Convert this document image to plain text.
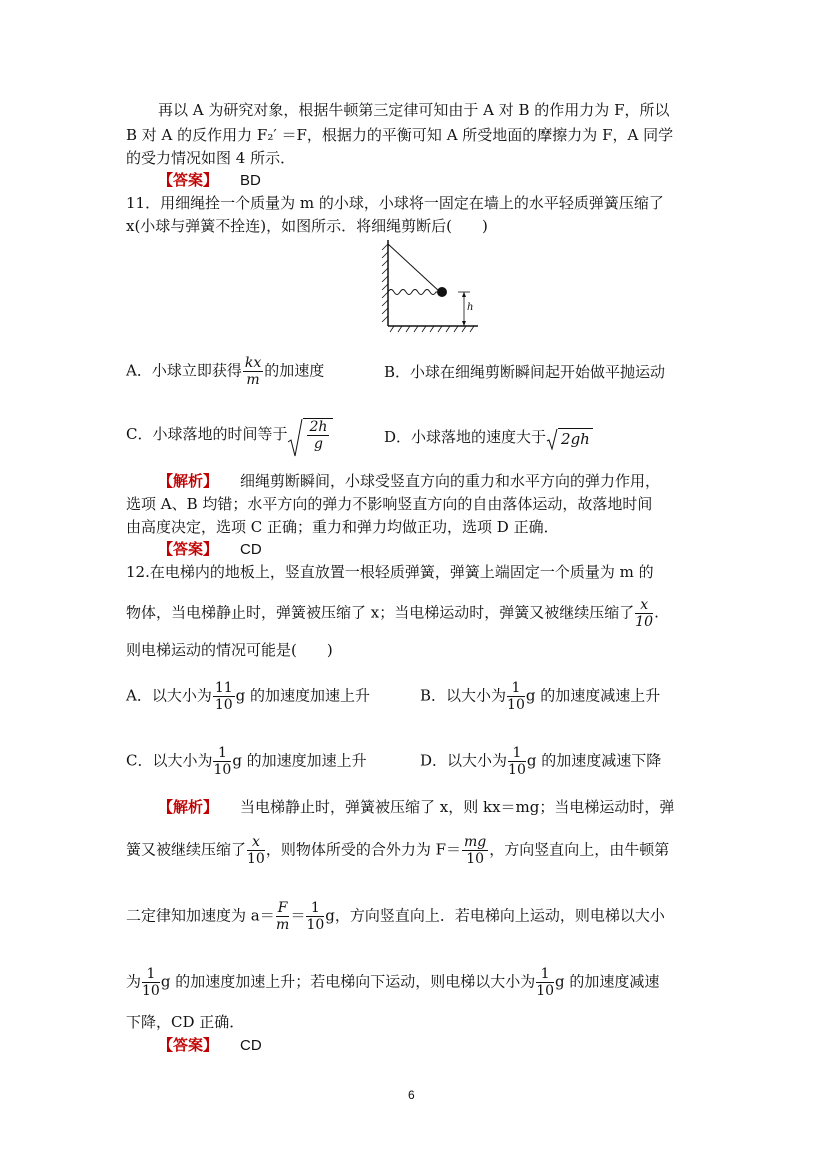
再以 A 为研究对象，根据牛顿第三定律可知由于 A 对 B 的作用力为 F，所以
B 对 A 的反作用力 F₂′ ＝F，根据力的平衡可知 A 所受地面的摩擦力为 F，A 同学
的受力情况如图 4 所示．
【答案】 BD
11．用细绳拴一个质量为 m 的小球，小球将一固定在墙上的水平轻质弹簧压缩了
x(小球与弹簧不拴连)，如图所示．将细绳剪断后(　　)
h
A．小球立即获得 $\frac{kx}{m}$ 的加速度	B．小球在细绳剪断瞬间起开始做平抛运动
C．小球落地的时间等于 $\frac{2h}{g}$	D．小球落地的速度大于 2gh
【解析】 细绳剪断瞬间，小球受竖直方向的重力和水平方向的弹力作用，
选项 A、B 均错；水平方向的弹力不影响竖直方向的自由落体运动，故落地时间
由高度决定，选项 C 正确；重力和弹力均做正功，选项 D 正确．
【答案】 CD
12.在电梯内的地板上，竖直放置一根轻质弹簧，弹簧上端固定一个质量为 m 的
物体，当电梯静止时，弹簧被压缩了 x；当电梯运动时，弹簧又被继续压缩了 $\frac{x}{10}$ .
则电梯运动的情况可能是(　　)
A．以大小为 $\frac{11}{10}$ g 的加速度加速上升	B．以大小为 $\frac{1}{10}$ g 的加速度减速上升
C．以大小为 $\frac{1}{10}$ g 的加速度加速上升	D．以大小为 $\frac{1}{10}$ g 的加速度减速下降
【解析】 当电梯静止时，弹簧被压缩了 x，则 kx＝mg；当电梯运动时，弹
簧又被继续压缩了 $\frac{x}{10}$ ，则物体所受的合外力为 $F= \frac{mg}{10}$ ，方向竖直向上，由牛顿第
二定律知加速度为 $a= \frac{F}{m} = \frac{1}{10}$ g，方向竖直向上．若电梯向上运动，则电梯以大小
为 $\frac{1}{10}$ g 的加速度加速上升；若电梯向下运动，则电梯以大小为 $\frac{1}{10}$ g 的加速度减速
下降，CD 正确．
【答案】 CD
6
